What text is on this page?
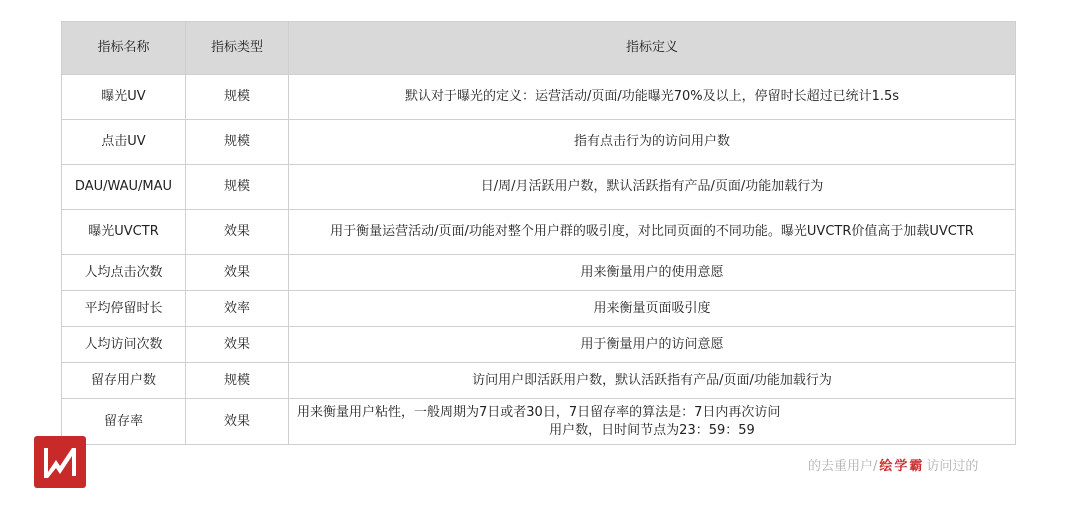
指标名称	指标类型	指标定义
曝光UV	规模	默认对于曝光的定义：运营活动/页面/功能曝光70%及以上，停留时长超过已统计1.5s
点击UV	规模	指有点击行为的访问用户数
DAU/WAU/MAU	规模	日/周/月活跃用户数，默认活跃指有产品/页面/功能加载行为
曝光UVCTR	效果	用于衡量运营活动/页面/功能对整个用户群的吸引度，对比同页面的不同功能。曝光UVCTR价值高于加载UVCTR
人均点击次数	效果	用来衡量用户的使用意愿
平均停留时长	效率	用来衡量页面吸引度
人均访问次数	效果	用于衡量用户的访问意愿
留存用户数	规模	访问用户即活跃用户数，默认活跃指有产品/页面/功能加载行为
留存率	效果	用来衡量用户粘性，一般周期为7日或者30日，7日留存率的算法是：7日内再次访问
用户数，日时间节点为23：59：59
的去重用户/ 绘学霸 访问过的
